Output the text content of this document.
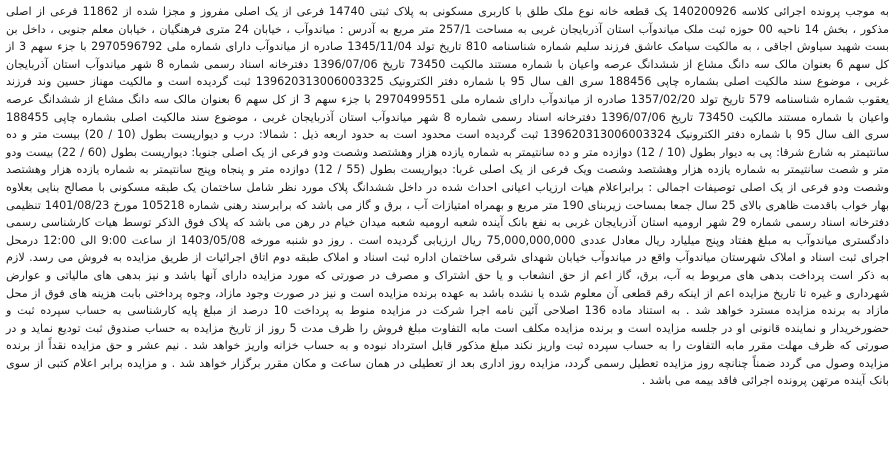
به موجب پرونده اجرائی کلاسه 140200926 یک قطعه خانه نوع ملک طلق با کاربری مسکونی به پلاک ثبتی 14740 فرعی از یک اصلی مفروز و مجزا شده از 11862 فرعی از اصلی مذکور ، بخش 14 ناحیه 00 حوزه ثبت ملک میاندوآب استان آذربایجان غربی به مساحت 257/1 متر مربع به آدرس : میاندوآب ، خیابان 24 متری فرهنگیان ، خیابان معلم جنوبی ، داخل بن بست شهید سیاوش اجاقی ، به مالکیت سیامک عاشق فرزند سلیم شماره شناسنامه 810 تاریخ تولد 1345/11/04 صادره از میاندوآب دارای شماره ملی 2970596792 با جزء سهم 3 از کل سهم 6 بعنوان مالک سه دانگ مشاع از ششدانگ عرصه واعیان با شماره مستند مالکیت 73450 تاریخ 1396/07/06 دفترخانه اسناد رسمی شماره 8 شهر میاندوآب استان آذربایجان غربی ، موضوع سند مالکیت اصلی بشماره چاپی 188456 سری الف سال 95 با شماره دفتر الکترونیک 139620313006003325 ثبت گردیده است و مالکیت مهناز حسین وند فرزند یعقوب شماره شناسنامه 579 تاریخ تولد 1357/02/20 صادره از میاندوآب دارای شماره ملی 2970499551 با جزء سهم 3 از کل سهم 6 بعنوان مالک سه دانگ مشاع از ششدانگ عرصه واعیان با شماره مستند مالکیت 73450 تاریخ 1396/07/06 دفترخانه اسناد رسمی شماره 8 شهر میاندوآب استان آذربایجان غربی ، موضوع سند مالکیت اصلی بشماره چاپی 188455 سری الف سال 95 با شماره دفتر الکترونیک 139620313006003324 ثبت گردیده است محدود است به حدود اربعه ذیل : شمالا: درب و دیواریست بطول (10 / 20) بیست متر و ده سانتیمتر به شارع شرقا: پی به دیوار بطول (10 / 12) دوازده متر و ده سانتیمتر به شماره یازده هزار وهشتصد وشصت ودو فرعی از یک اصلی جنوبا: دیواریست بطول (60 / 22) بیست ودو متر و شصت سانتیمتر به شماره یازده هزار وهشتصد وشصت ویک فرعی از یک اصلی غربا: دیواریست بطول (55 / 12) دوازده متر و پنجاه وپنج سانتیمتر به شماره یازده هزار وهشتصد وشصت ودو فرعی از یک اصلی توصیفات اجمالی : برابراعلام هیات ارزیاب اعیانی احداث شده در داخل ششدانگ پلاک مورد نظر شامل ساختمان یک طبقه مسکونی با مصالح بنایی بعلاوه بهار خواب باقدمت ظاهری بالای 25 سال جمعا بمساحت زیربنای 190 متر مربع و بهمراه امتیازات آب ، برق و گاز می باشد که برابرسند رهنی شماره 105218 مورخ 1401/08/23 تنظیمی دفترخانه اسناد رسمی شماره 29 شهر ارومیه استان آذربایجان غربی به نفع بانک آینده شعبه ارومیه شعبه میدان خیام در رهن می باشد که پلاک فوق الذکر توسط هیات کارشناسی رسمی دادگستری میاندوآب به مبلغ هفتاد وپنج میلیارد ریال معادل عددی 75,000,000,000 ریال ارزیابی گردیده است . روز دو شنبه مورخه 1403/05/08 از ساعت 9:00 الی 12:00 درمحل اجرای ثبت اسناد و املاک شهرستان میاندوآب واقع در میاندوآب خیابان شهدای شرقی ساختمان اداره ثبت اسناد و املاک طبقه دوم اتاق اجرائیات از طریق مزایده به فروش می رسد. لازم به ذکر است پرداخت بدهی های مربوط به آب، برق، گاز اعم از حق انشعاب و یا حق اشتراک و مصرف در صورتی که مورد مزایده دارای آنها باشد و نیز بدهی های مالیاتی و عوارض شهرداری و غیره تا تاریخ مزایده اعم از اینکه رقم قطعی آن معلوم شده یا نشده باشد به عهده برنده مزایده است و نیز در صورت وجود مازاد، وجوه پرداختی بابت هزینه های فوق از محل مازاد به برنده مزایده مسترد خواهد شد . به استناد ماده 136 اصلاحی آئین نامه اجرا شرکت در مزایده منوط به پرداخت 10 درصد از مبلغ پایه کارشناسی به حساب سپرده ثبت و حضورخریدار و نماینده قانونی او در جلسه مزایده است و برنده مزایده مکلف است مابه التفاوت مبلغ فروش را ظرف مدت 5 روز از تاریخ مزایده به حساب صندوق ثبت تودیع نماید و در صورتی که ظرف مهلت مقرر مابه التفاوت را به حساب سپرده ثبت واریز نکند مبلغ مذکور قابل استرداد نبوده و به حساب خزانه واریز خواهد شد . نیم عشر و حق مزایده نقداً از برنده مزایده وصول می گردد ضمناً چنانچه روز مزایده تعطیل رسمی گردد، مزایده روز اداری بعد از تعطیلی در همان ساعت و مکان مقرر برگزار خواهد شد . و مزایده برابر اعلام کتبی از سوی بانک آینده مرتهن پرونده اجرائی فاقد بیمه می باشد .
